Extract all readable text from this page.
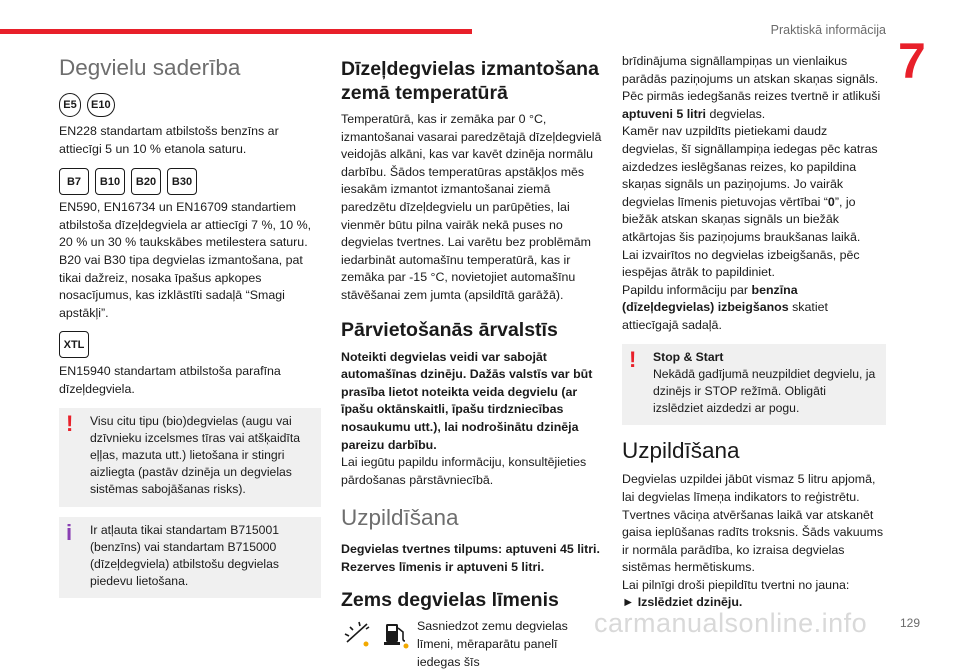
Praktiskā informācija
7
Degvielu saderība
E5	E10

EN228 standartam atbilstošs benzīns ar attiecīgi 5 un 10 % etanola saturu.

B7	B10	B20	B30

EN590, EN16734 un EN16709 standartiem atbilstoša dīzeļdegviela ar attiecīgi 7 %, 10 %, 20 % un 30 % taukskābes metilestera saturu. B20 vai B30 tipa degvielas izmantošana, pat tikai dažreiz, nosaka īpašus apkopes nosacījumus, kas izklāstīti sadaļā “Smagi apstākļi”.

XTL

EN15940 standartam atbilstoša parafīna dīzeļdegviela.

!	Visu citu tipu (bio)degvielas (augu vai dzīvnieku izcelsmes tīras vai atšķaidīta eļļas, mazuta utt.) lietošana ir stingri aizliegta (pastāv dzinēja un degvielas sistēmas sabojāšanas risks).

i	Ir atļauta tikai standartam B715001 (benzīns) vai standartam B715000 (dīzeļdegviela) atbilstošu degvielas piedevu lietošana.

Dīzeļdegvielas izmantošana zemā temperatūrā

Temperatūrā, kas ir zemāka par 0 °C, izmantošanai vasarai paredzētajā dīzeļdegvielā veidojās alkāni, kas var kavēt dzinēja normālu darbību. Šādos temperatūras apstākļos mēs iesakām izmantot izmantošanai ziemā paredzētu dīzeļdegvielu un parūpēties, lai vienmēr būtu pilna vairāk nekā puses no degvielas tvertnes. Lai varētu bez problēmām iedarbināt automašīnu temperatūrā, kas ir zemāka par -15 °C, novietojiet automašīnu stāvēšanai zem jumta (apsildītā garāžā).

Pārvietošanās ārvalstīs

Noteikti degvielas veidi var sabojāt automašīnas dzinēju. Dažās valstīs var būt prasība lietot noteikta veida degvielu (ar īpašu oktānskaitli, īpašu tirdzniecības nosaukumu utt.), lai nodrošinātu dzinēja pareizu darbību.

Lai iegūtu papildu informāciju, konsultējieties pārdošanas pārstāvniecībā.

Uzpildīšana

Degvielas tvertnes tilpums: aptuveni 45 litri.

Rezerves līmenis ir aptuveni 5 litri.

Zems degvielas līmenis

Sasniedzot zemu degvielas līmeni, mēraparātu panelī iedegas šīs

brīdinājuma signāllampiņas un vienlaikus parādās paziņojums un atskan skaņas signāls. Pēc pirmās iedegšanās reizes tvertnē ir atlikuši aptuveni 5 litri degvielas.

Kamēr nav uzpildīts pietiekami daudz degvielas, šī signāllampiņa iedegas pēc katras aizdedzes ieslēgšanas reizes, ko papildina skaņas signāls un paziņojums. Jo vairāk degvielas līmenis pietuvojas vērtībai “0”, jo biežāk atskan skaņas signāls un biežāk atkārtojas šis paziņojums braukšanas laikā.

Lai izvairītos no degvielas izbeigšanās, pēc iespējas ātrāk to papildiniet.

Papildu informāciju par benzīna (dīzeļdegvielas) izbeigšanos skatiet attiecīgajā sadaļā.

!	Stop & Start

Nekādā gadījumā neuzpildiet degvielu, ja dzinējs ir STOP režīmā. Obligāti izslēdziet aizdedzi ar pogu.

Uzpildīšana

Degvielas uzpildei jābūt vismaz 5 litru apjomā, lai degvielas līmeņa indikators to reģistrētu.

Tvertnes vāciņa atvēršanas laikā var atskanēt gaisa ieplūšanas radīts troksnis. Šāds vakuums ir normāla parādība, ko izraisa degvielas sistēmas hermētiskums.

Lai pilnīgi droši piepildītu tvertni no jauna:

► Izslēdziet dzinēju.

129
carmanualsonline.info
